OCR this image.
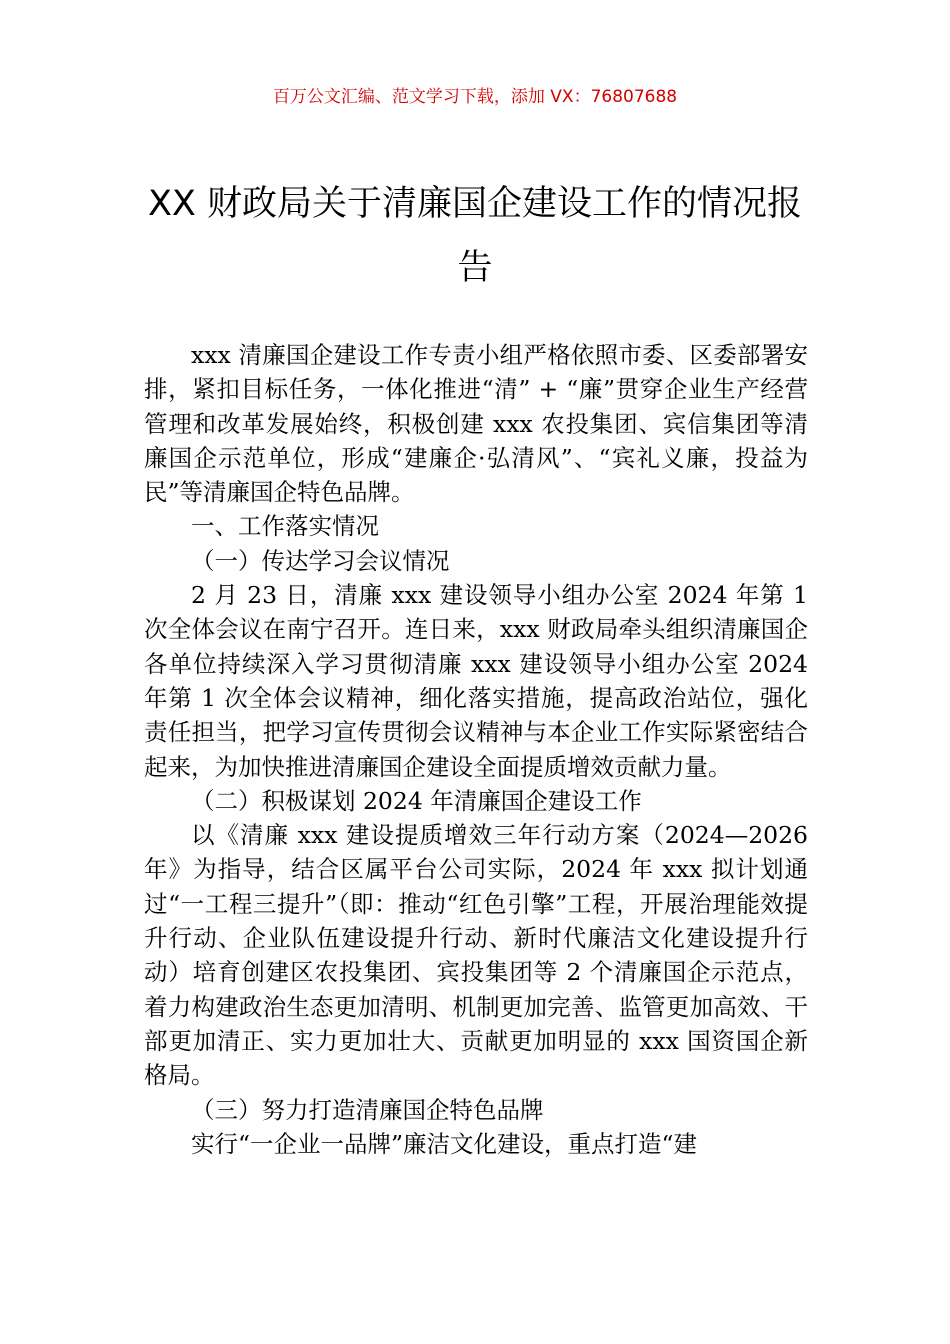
百万公文汇编、范文学习下载，添加 VX：76807688
XX 财政局关于清廉国企建设工作的情况报告

xxx 清廉国企建设工作专责小组严格依照市委、区委部署安排，紧扣目标任务，一体化推进“清” + “廉”贯穿企业生产经营管理和改革发展始终，积极创建 xxx 农投集团、宾信集团等清廉国企示范单位，形成“建廉企·弘清风”、“宾礼义廉，投益为民”等清廉国企特色品牌。

一、工作落实情况

（一）传达学习会议情况

2 月 23 日，清廉 xxx 建设领导小组办公室 2024 年第 1 次全体会议在南宁召开。连日来，xxx 财政局牵头组织清廉国企各单位持续深入学习贯彻清廉 xxx 建设领导小组办公室 2024 年第 1 次全体会议精神，细化落实措施，提高政治站位，强化责任担当，把学习宣传贯彻会议精神与本企业工作实际紧密结合起来，为加快推进清廉国企建设全面提质增效贡献力量。

（二）积极谋划 2024 年清廉国企建设工作

以《清廉 xxx 建设提质增效三年行动方案（2024—2026 年》为指导，结合区属平台公司实际，2024 年 xxx 拟计划通过“一工程三提升”（即：推动“红色引擎”工程，开展治理能效提升行动、企业队伍建设提升行动、新时代廉洁文化建设提升行动）培育创建区农投集团、宾投集团等 2 个清廉国企示范点，着力构建政治生态更加清明、机制更加完善、监管更加高效、干部更加清正、实力更加壮大、贡献更加明显的 xxx 国资国企新格局。

（三）努力打造清廉国企特色品牌

实行“一企业一品牌”廉洁文化建设，重点打造“建
